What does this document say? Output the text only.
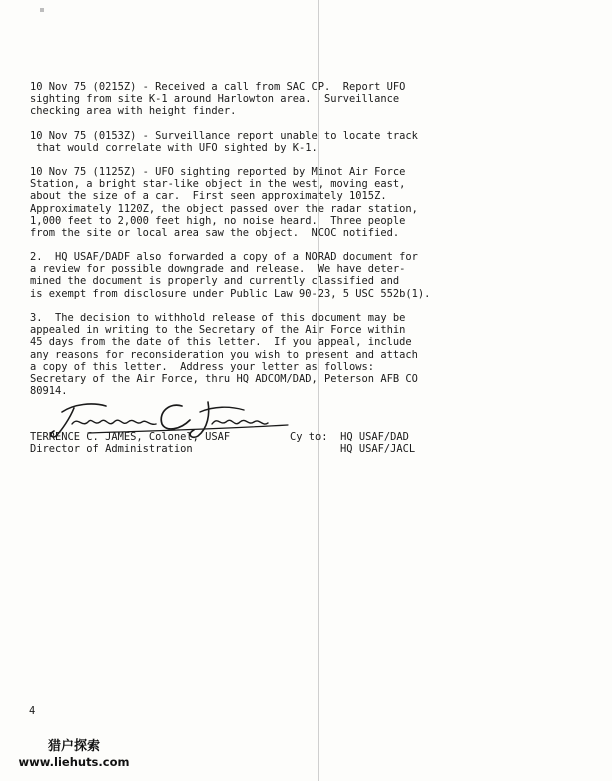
10 Nov 75 (0215Z) - Received a call from SAC CP.  Report UFO
sighting from site K-1 around Harlowton area.  Surveillance
checking area with height finder.
10 Nov 75 (0153Z) - Surveillance report unable to locate track
that would correlate with UFO sighted by K-1.
10 Nov 75 (1125Z) - UFO sighting reported by Minot Air Force
Station, a bright star-like object in the west, moving east,
about the size of a car.  First seen approximately 1015Z.
Approximately 1120Z, the object passed over the radar station,
1,000 feet to 2,000 feet high, no noise heard.  Three people
from the site or local area saw the object.  NCOC notified.
2.  HQ USAF/DADF also forwarded a copy of a NORAD document for
a review for possible downgrade and release.  We have deter-
mined the document is properly and currently classified and
is exempt from disclosure under Public Law 90-23, 5 USC 552b(1).
3.  The decision to withhold release of this document may be
appealed in writing to the Secretary of the Air Force within
45 days from the date of this letter.  If you appeal, include
any reasons for reconsideration you wish to present and attach
a copy of this letter.  Address your letter as follows:
Secretary of the Air Force, thru HQ ADCOM/DAD, Peterson AFB CO
80914.
TERRENCE C. JAMES, Colonel, USAF
Director of Administration
Cy to: HQ USAF/DAD
HQ USAF/JACL
4
猎户探索
www.liehuts.com
